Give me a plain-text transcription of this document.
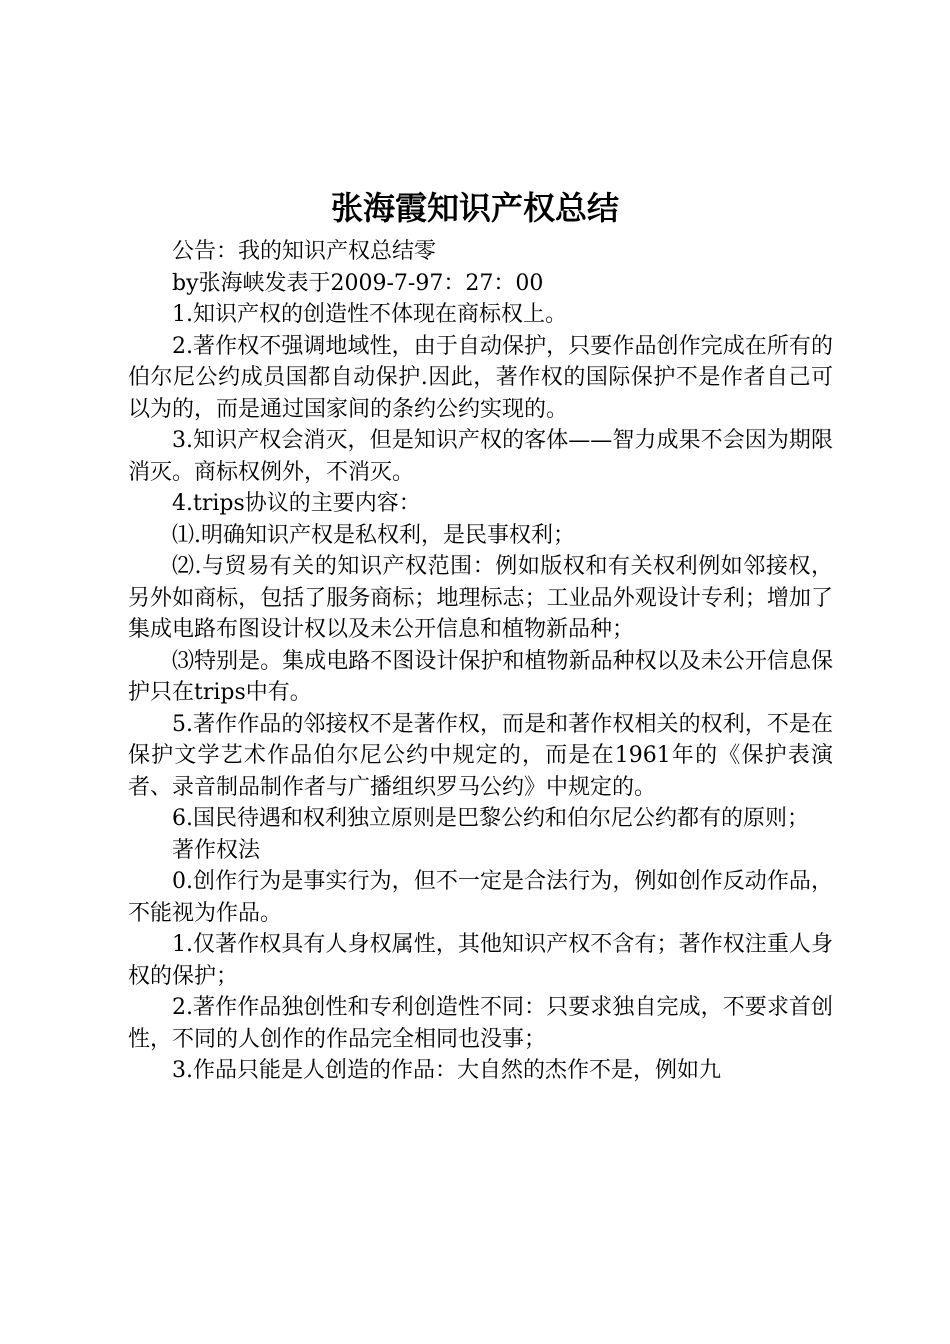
张海霞知识产权总结

公告：我的知识产权总结零

by张海峡发表于2009-7-97：27：00

1.知识产权的创造性不体现在商标权上。

2.著作权不强调地域性，由于自动保护，只要作品创作完成在所有的伯尔尼公约成员国都自动保护.因此，著作权的国际保护不是作者自己可以为的，而是通过国家间的条约公约实现的。

3.知识产权会消灭，但是知识产权的客体——智力成果不会因为期限消灭。商标权例外，不消灭。

4.trips协议的主要内容：

⑴.明确知识产权是私权利，是民事权利；

⑵.与贸易有关的知识产权范围：例如版权和有关权利例如邻接权，另外如商标，包括了服务商标；地理标志；工业品外观设计专利；增加了集成电路布图设计权以及未公开信息和植物新品种；

⑶特别是。集成电路不图设计保护和植物新品种权以及未公开信息保护只在trips中有。

5.著作作品的邻接权不是著作权，而是和著作权相关的权利，不是在保护文学艺术作品伯尔尼公约中规定的，而是在1961年的《保护表演者、录音制品制作者与广播组织罗马公约》中规定的。

6.国民待遇和权利独立原则是巴黎公约和伯尔尼公约都有的原则；

著作权法

0.创作行为是事实行为，但不一定是合法行为，例如创作反动作品，不能视为作品。

1.仅著作权具有人身权属性，其他知识产权不含有；著作权注重人身权的保护；

2.著作作品独创性和专利创造性不同：只要求独自完成，不要求首创性，不同的人创作的作品完全相同也没事；

3.作品只能是人创造的作品：大自然的杰作不是，例如九
